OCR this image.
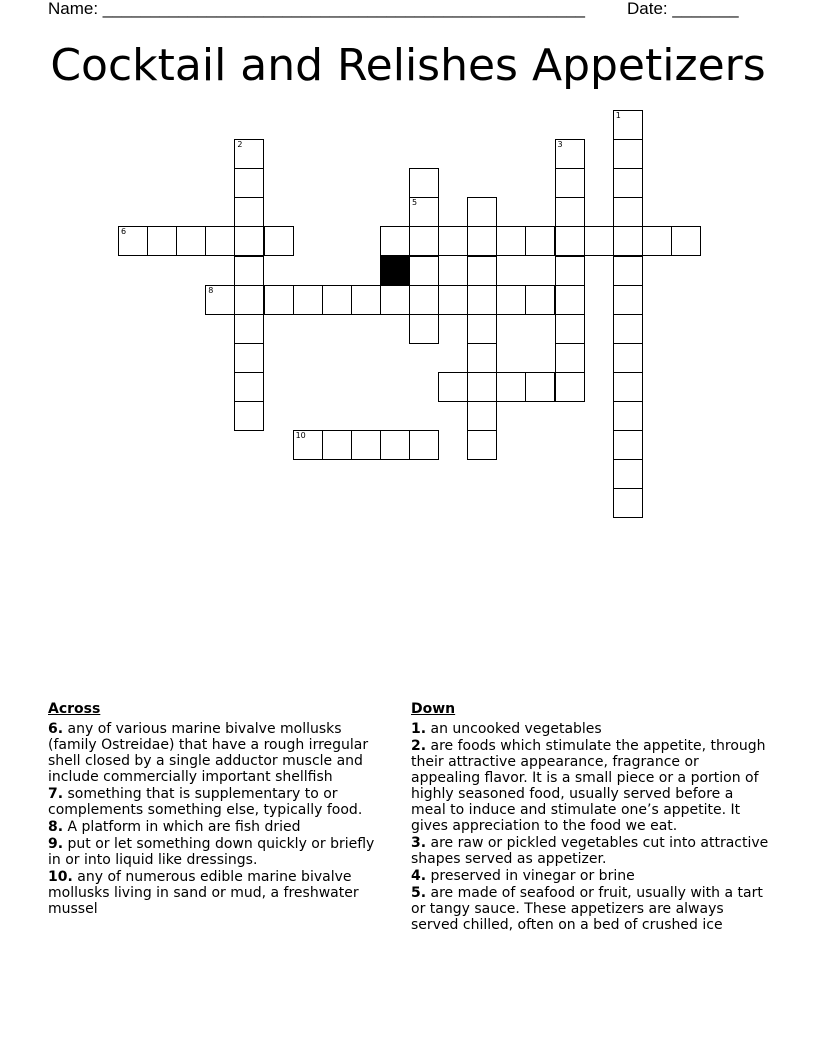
Name: ___________________________________________________ Date: _______
Cocktail and Relishes Appetizers
1
2	3
5
6
8
10
Across
6. any of various marine bivalve mollusks (family Ostreidae) that have a rough irregular shell closed by a single adductor muscle and include commercially important shellfish
7. something that is supplementary to or complements something else, typically food.
8. A platform in which are fish dried
9. put or let something down quickly or briefly in or into liquid like dressings.
10. any of numerous edible marine bivalve mollusks living in sand or mud, a freshwater mussel
Down
1. an uncooked vegetables
2. are foods which stimulate the appetite, through their attractive appearance, fragrance or appealing flavor. It is a small piece or a portion of highly seasoned food, usually served before a meal to induce and stimulate one’s appetite. It gives appreciation to the food we eat.
3. are raw or pickled vegetables cut into attractive shapes served as appetizer.
4. preserved in vinegar or brine
5. are made of seafood or fruit, usually with a tart or tangy sauce. These appetizers are always served chilled, often on a bed of crushed ice
